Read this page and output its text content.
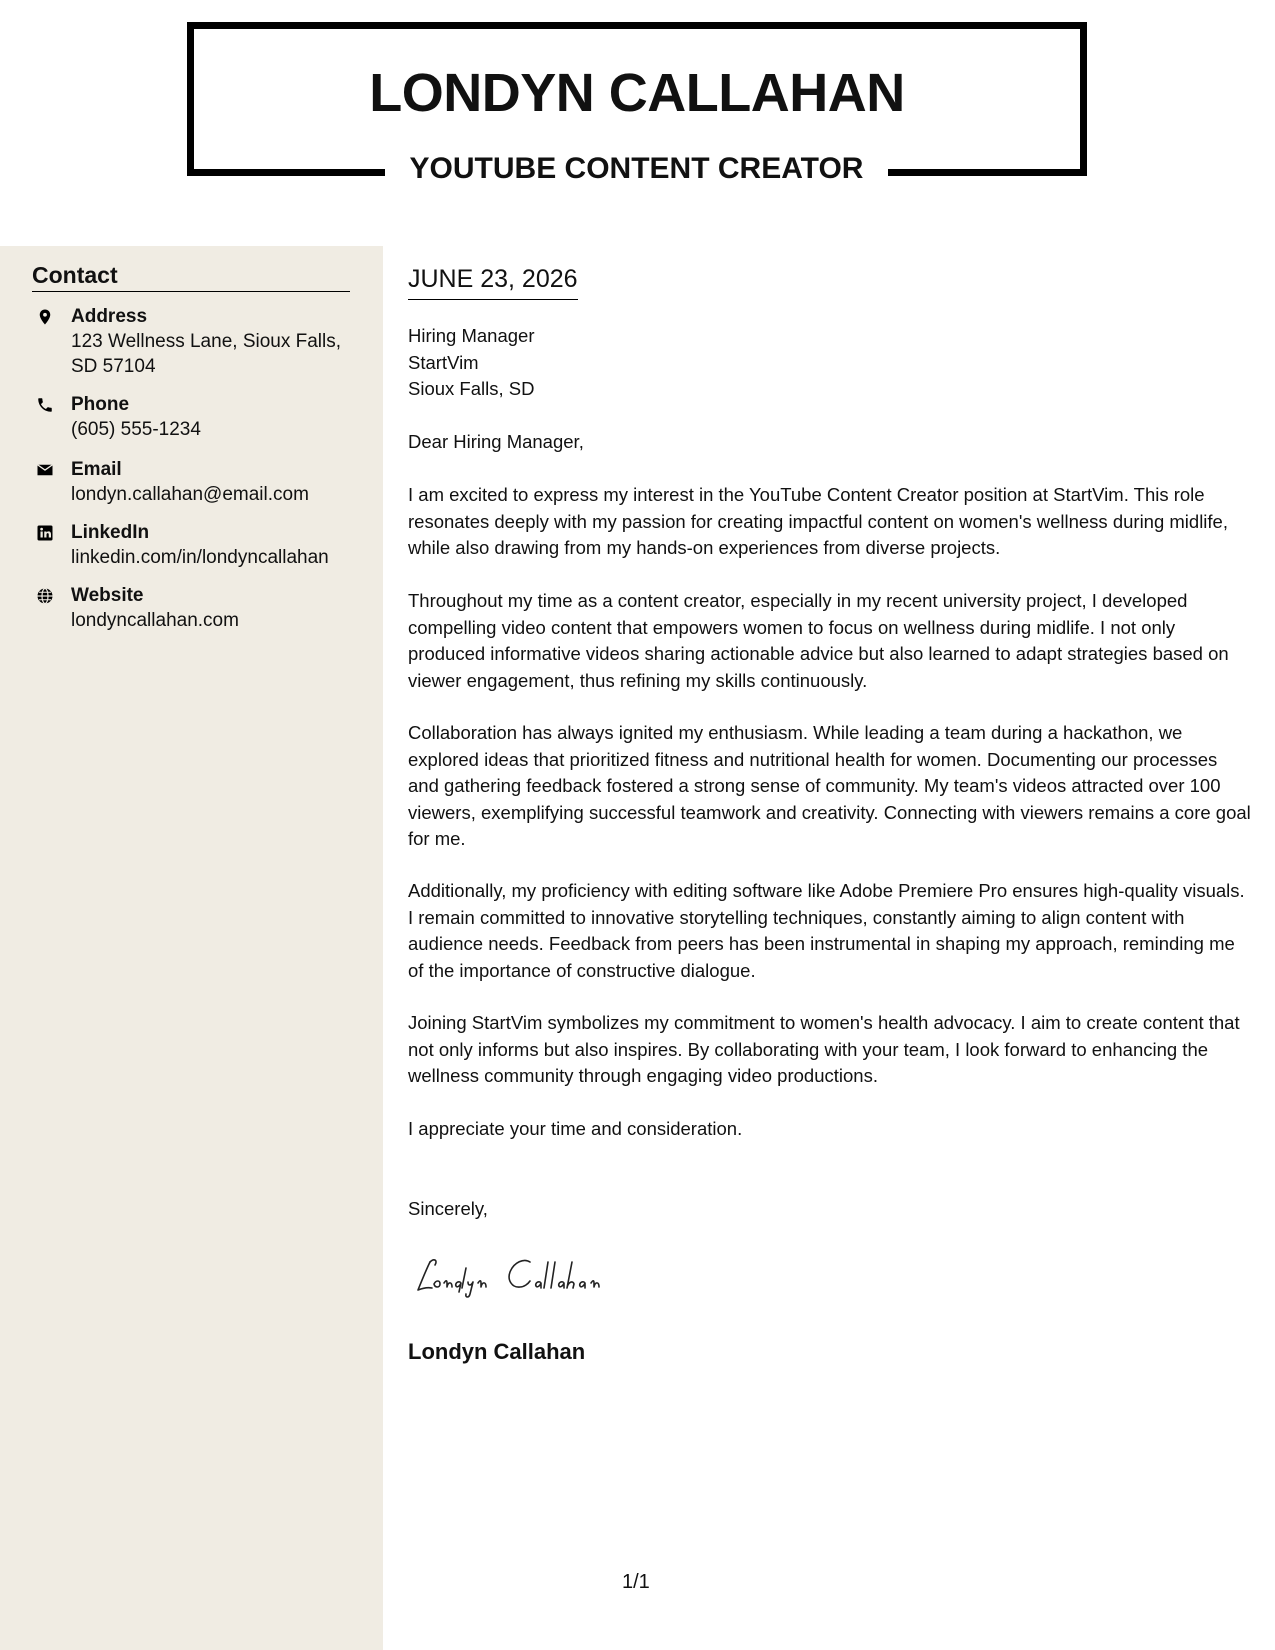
LONDYN CALLAHAN
YOUTUBE CONTENT CREATOR
Contact
Address
123 Wellness Lane, Sioux Falls, SD 57104
Phone
(605) 555-1234
Email
londyn.callahan@email.com
LinkedIn
linkedin.com/in/londyncallahan
Website
londyncallahan.com
JUNE 23, 2026
Hiring Manager
StartVim
Sioux Falls, SD

Dear Hiring Manager,

I am excited to express my interest in the YouTube Content Creator position at StartVim. This role resonates deeply with my passion for creating impactful content on women's wellness during midlife, while also drawing from my hands-on experiences from diverse projects.

Throughout my time as a content creator, especially in my recent university project, I developed compelling video content that empowers women to focus on wellness during midlife. I not only produced informative videos sharing actionable advice but also learned to adapt strategies based on viewer engagement, thus refining my skills continuously.

Collaboration has always ignited my enthusiasm. While leading a team during a hackathon, we explored ideas that prioritized fitness and nutritional health for women. Documenting our processes and gathering feedback fostered a strong sense of community. My team's videos attracted over 100 viewers, exemplifying successful teamwork and creativity. Connecting with viewers remains a core goal for me.

Additionally, my proficiency with editing software like Adobe Premiere Pro ensures high-quality visuals. I remain committed to innovative storytelling techniques, constantly aiming to align content with audience needs. Feedback from peers has been instrumental in shaping my approach, reminding me of the importance of constructive dialogue.

Joining StartVim symbolizes my commitment to women's health advocacy. I aim to create content that not only informs but also inspires. By collaborating with your team, I look forward to enhancing the wellness community through engaging video productions.

I appreciate your time and consideration.

Sincerely,

Londyn Callahan
1/1
